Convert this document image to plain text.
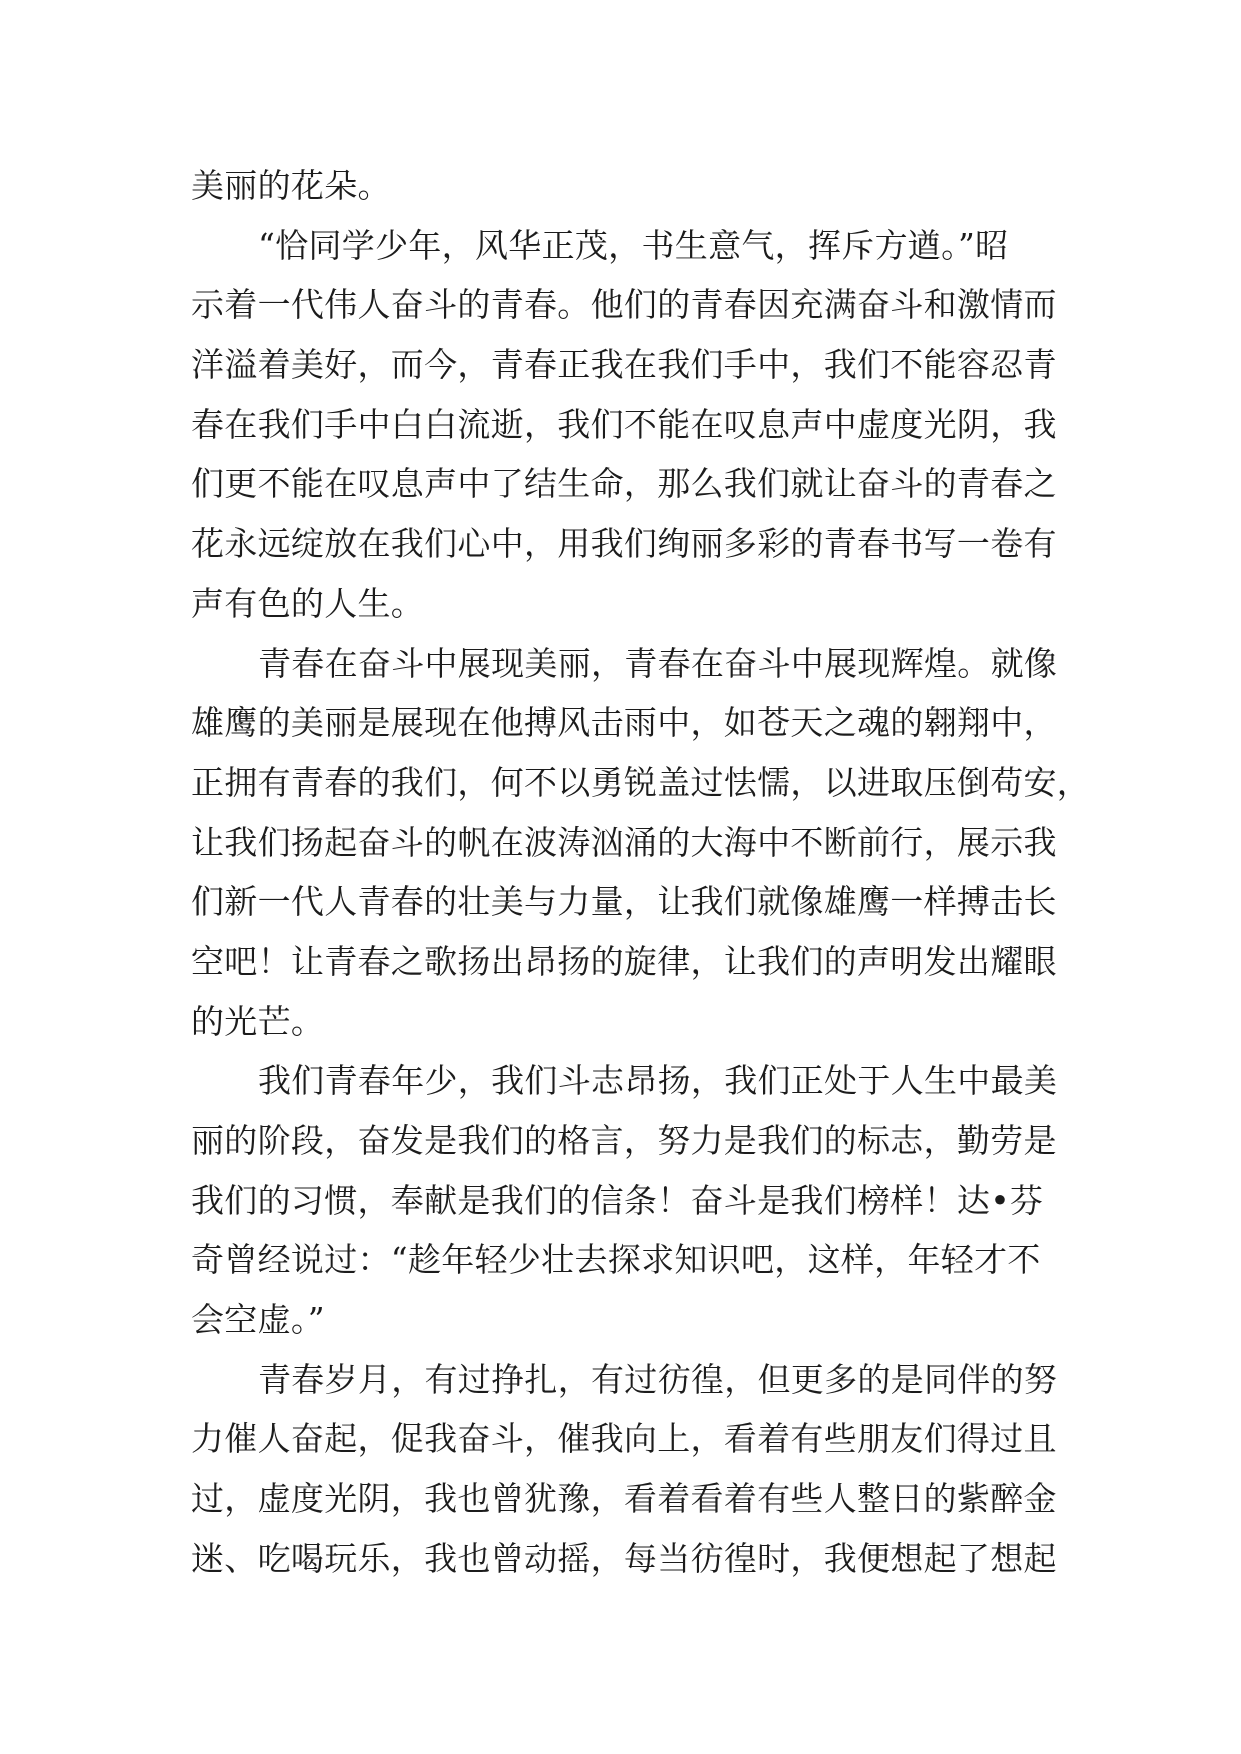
美丽的花朵。
“恰同学少年，风华正茂，书生意气，挥斥方遒。”昭
示着一代伟人奋斗的青春。他们的青春因充满奋斗和激情而
洋溢着美好，而今，青春正我在我们手中，我们不能容忍青
春在我们手中白白流逝，我们不能在叹息声中虚度光阴，我
们更不能在叹息声中了结生命，那么我们就让奋斗的青春之
花永远绽放在我们心中，用我们绚丽多彩的青春书写一卷有
声有色的人生。
青春在奋斗中展现美丽，青春在奋斗中展现辉煌。就像
雄鹰的美丽是展现在他搏风击雨中，如苍天之魂的翱翔中，
正拥有青春的我们，何不以勇锐盖过怯懦，以进取压倒苟安，
让我们扬起奋斗的帆在波涛汹涌的大海中不断前行，展示我
们新一代人青春的壮美与力量，让我们就像雄鹰一样搏击长
空吧！让青春之歌扬出昂扬的旋律，让我们的声明发出耀眼
的光芒。
我们青春年少，我们斗志昂扬，我们正处于人生中最美
丽的阶段，奋发是我们的格言，努力是我们的标志，勤劳是
我们的习惯，奉献是我们的信条！奋斗是我们榜样！达•芬
奇曾经说过：“趁年轻少壮去探求知识吧，这样，年轻才不
会空虚。”
青春岁月，有过挣扎，有过彷徨，但更多的是同伴的努
力催人奋起，促我奋斗，催我向上，看着有些朋友们得过且
过，虚度光阴，我也曾犹豫，看着看着有些人整日的紫醉金
迷、吃喝玩乐，我也曾动摇，每当彷徨时，我便想起了想起
